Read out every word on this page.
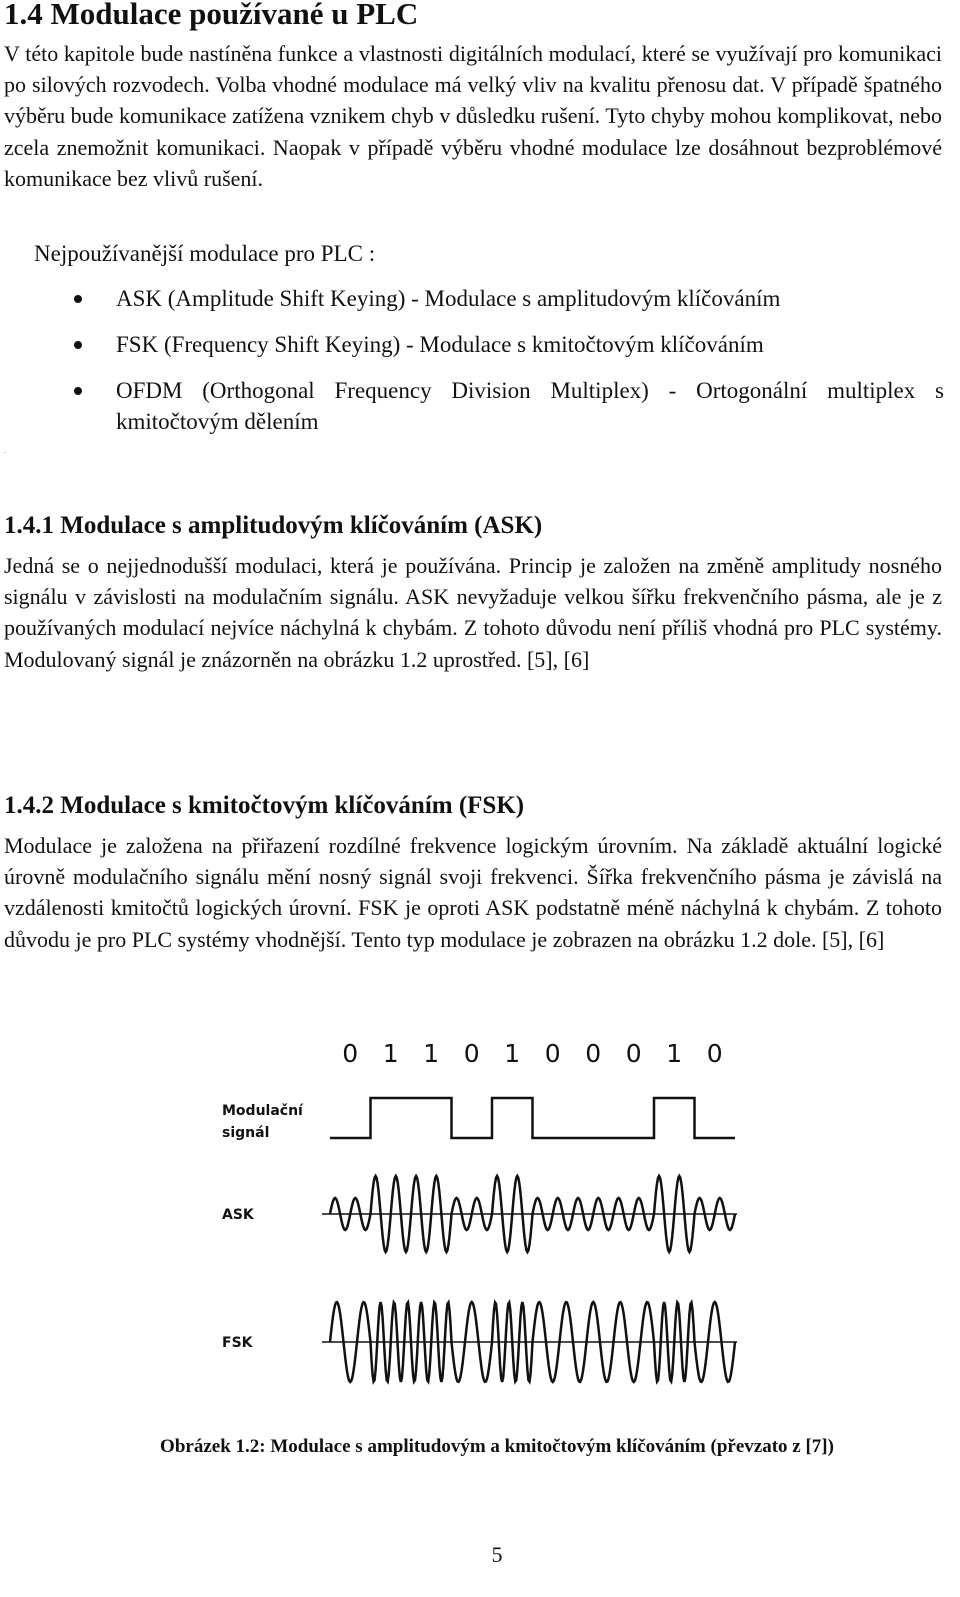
1.4 Modulace používané u PLC

V této kapitole bude nastíněna funkce a vlastnosti digitálních modulací, které se využívají pro komunikaci po silových rozvodech. Volba vhodné modulace má velký vliv na kvalitu přenosu dat. V případě špatného výběru bude komunikace zatížena vznikem chyb v důsledku rušení. Tyto chyby mohou komplikovat, nebo zcela znemožnit komunikaci. Naopak v případě výběru vhodné modulace lze dosáhnout bezproblémové komunikace bez vlivů rušení.

Nejpoužívanější modulace pro PLC :

ASK (Amplitude Shift Keying) - Modulace s amplitudovým klíčováním
FSK (Frequency Shift Keying) - Modulace s kmitočtovým klíčováním
OFDM (Orthogonal Frequency Division Multiplex) - Ortogonální multiplex s kmitočtovým dělením
.
1.4.1 Modulace s amplitudovým klíčováním (ASK)

Jedná se o nejjednodušší modulaci, která je používána. Princip je založen na změně amplitudy nosného signálu v závislosti na modulačním signálu. ASK nevyžaduje velkou šířku frekvenčního pásma, ale je z používaných modulací nejvíce náchylná k chybám. Z tohoto důvodu není příliš vhodná pro PLC systémy. Modulovaný signál je znázorněn na obrázku 1.2 uprostřed. [5], [6]

1.4.2 Modulace s kmitočtovým klíčováním (FSK)

Modulace je založena na přiřazení rozdílné frekvence logickým úrovním. Na základě aktuální logické úrovně modulačního signálu mění nosný signál svoji frekvenci. Šířka frekvenčního pásma je závislá na vzdálenosti kmitočtů logických úrovní. FSK je oproti ASK podstatně méně náchylná k chybám. Z tohoto důvodu je pro PLC systémy vhodnější. Tento typ modulace je zobrazen na obrázku 1.2 dole. [5], [6]

0 1 1 0 1 0 0 0 1 0
Modulační
signál
ASK
FSK

Obrázek 1.2: Modulace s amplitudovým a kmitočtovým klíčováním (převzato z [7])

5
